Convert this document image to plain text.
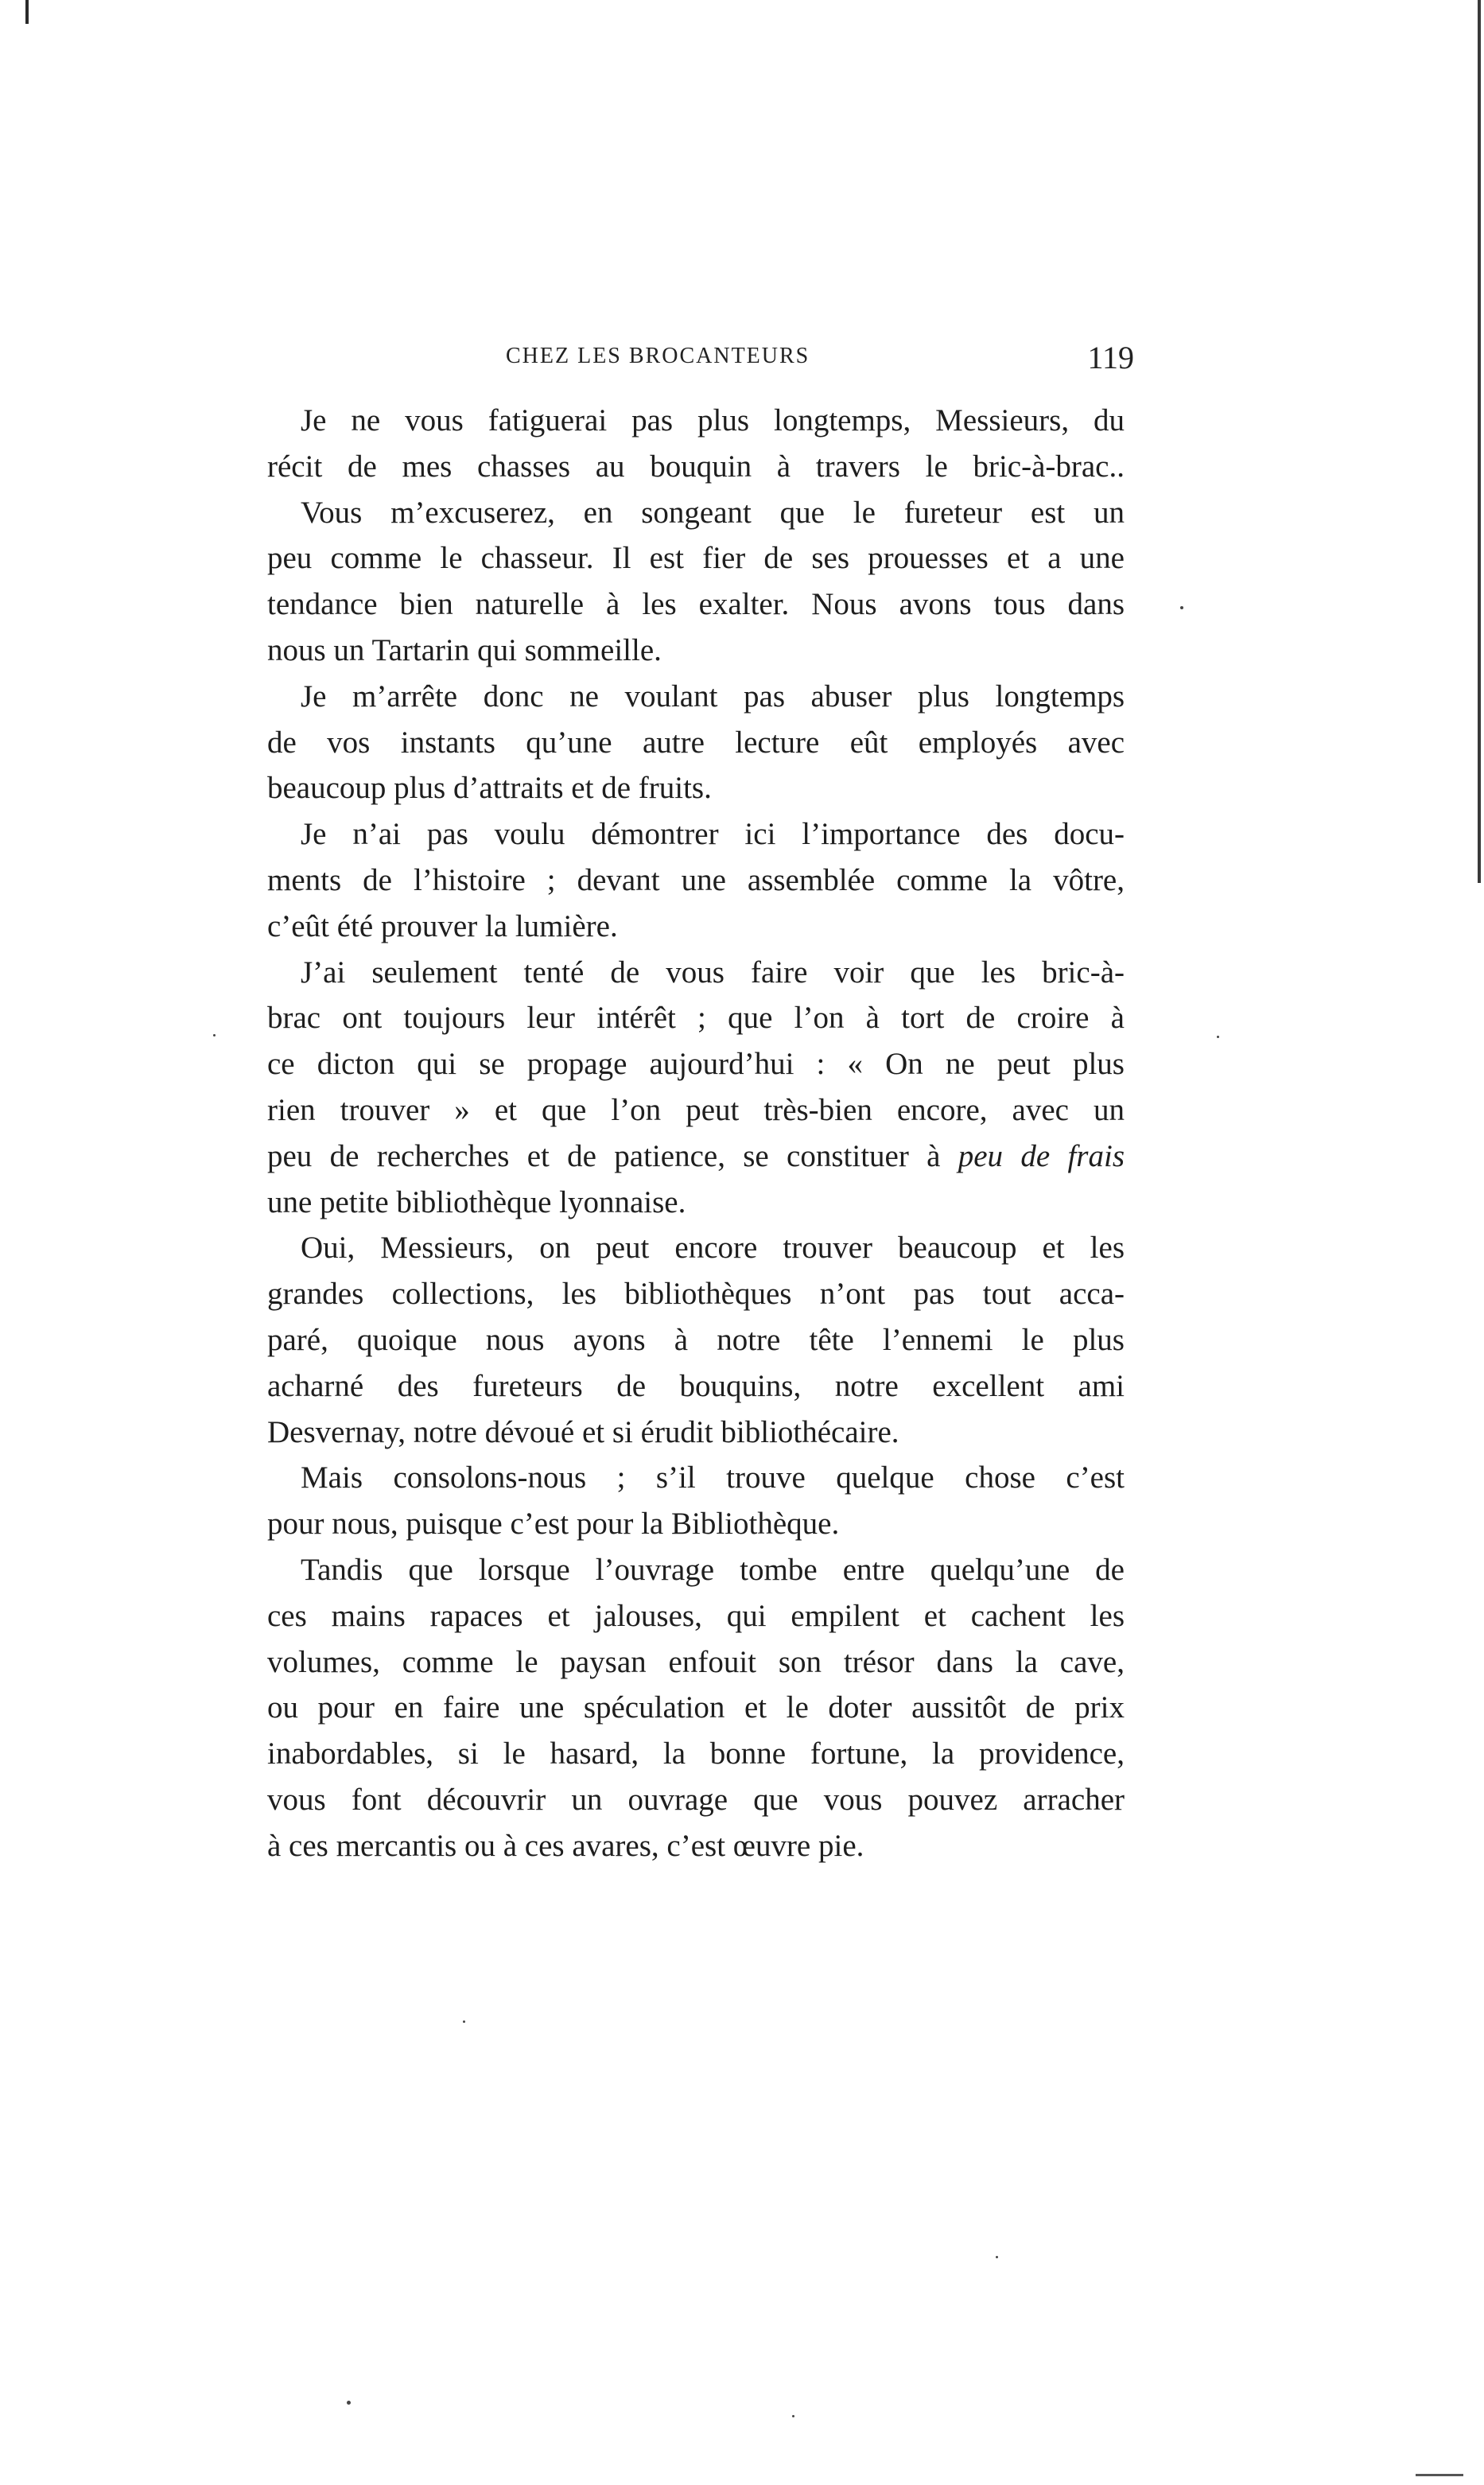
CHEZ LES BROCANTEURS	119
Je ne vous fatiguerai pas plus longtemps, Messieurs, du
récit de mes chasses au bouquin à travers le bric-à-brac..
Vous m’excuserez, en songeant que le fureteur est un
peu comme le chasseur. Il est fier de ses prouesses et a une
tendance bien naturelle à les exalter. Nous avons tous dans
nous un Tartarin qui sommeille.
Je m’arrête donc ne voulant pas abuser plus longtemps
de vos instants qu’une autre lecture eût employés avec
beaucoup plus d’attraits et de fruits.
Je n’ai pas voulu démontrer ici l’importance des docu-
ments de l’histoire ; devant une assemblée comme la vôtre,
c’eût été prouver la lumière.
J’ai seulement tenté de vous faire voir que les bric-à-
brac ont toujours leur intérêt ; que l’on à tort de croire à
ce dicton qui se propage aujourd’hui : « On ne peut plus
rien trouver » et que l’on peut très-bien encore, avec un
peu de recherches et de patience, se constituer à peu de frais
une petite bibliothèque lyonnaise.
Oui, Messieurs, on peut encore trouver beaucoup et les
grandes collections, les bibliothèques n’ont pas tout acca-
paré, quoique nous ayons à notre tête l’ennemi le plus
acharné des fureteurs de bouquins, notre excellent ami
Desvernay, notre dévoué et si érudit bibliothécaire.
Mais consolons-nous ; s’il trouve quelque chose c’est
pour nous, puisque c’est pour la Bibliothèque.
Tandis que lorsque l’ouvrage tombe entre quelqu’une de
ces mains rapaces et jalouses, qui empilent et cachent les
volumes, comme le paysan enfouit son trésor dans la cave,
ou pour en faire une spéculation et le doter aussitôt de prix
inabordables, si le hasard, la bonne fortune, la providence,
vous font découvrir un ouvrage que vous pouvez arracher
à ces mercantis ou à ces avares, c’est œuvre pie.
